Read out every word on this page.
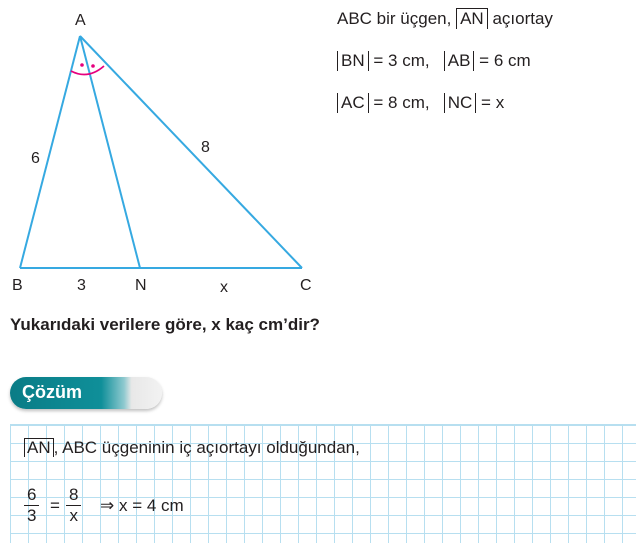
A
B	C
N
6
8
3	x
ABC bir üçgen, AN açıortay
BN = 3 cm, AB = 6 cm
AC = 8 cm, NC = x
Yukarıdaki verilere göre, x kaç cm’dir?
Çözüm
AN , ABC üçgeninin iç açıortayı olduğundan,
$\frac{6}{3} = \frac{8}{x}$ ⇒ x = 4 cm
